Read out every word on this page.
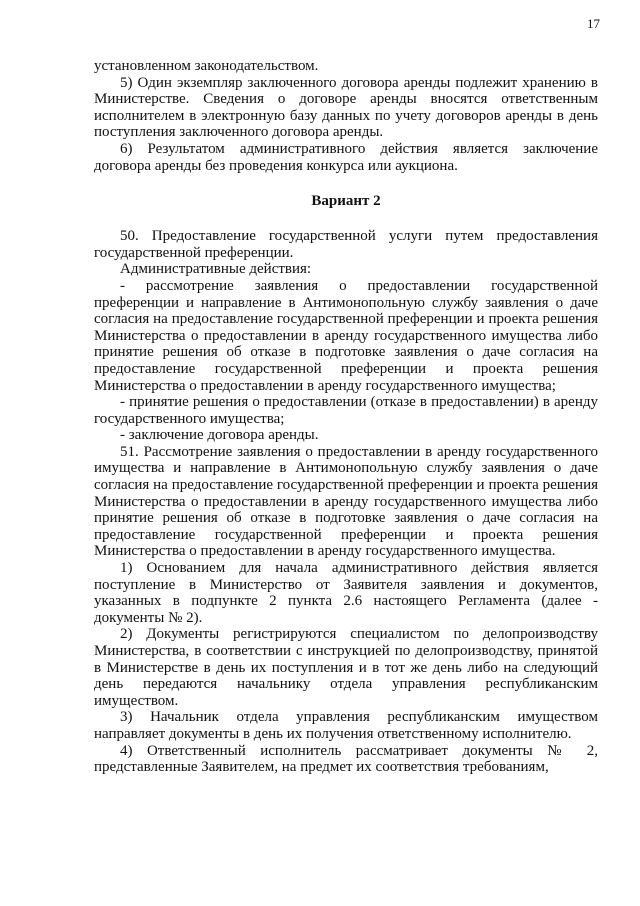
17

установленном законодательством.

5) Один экземпляр заключенного договора аренды подлежит хранению в Министерстве. Сведения о договоре аренды вносятся ответственным исполнителем в электронную базу данных по учету договоров аренды в день поступления заключенного договора аренды.

6) Результатом административного действия является заключение договора аренды без проведения конкурса или аукциона.

Вариант 2

50. Предоставление государственной услуги путем предоставления государственной преференции.

Административные действия:

- рассмотрение заявления о предоставлении государственной преференции и направление в Антимонопольную службу заявления о даче согласия на предоставление государственной преференции и проекта решения Министерства о предоставлении в аренду государственного имущества либо принятие решения об отказе в подготовке заявления о даче согласия на предоставление государственной преференции и проекта решения Министерства о предоставлении в аренду государственного имущества;

- принятие решения о предоставлении (отказе в предоставлении) в аренду государственного имущества;

- заключение договора аренды.

51. Рассмотрение заявления о предоставлении в аренду государственного имущества и направление в Антимонопольную службу заявления о даче согласия на предоставление государственной преференции и проекта решения Министерства о предоставлении в аренду государственного имущества либо принятие решения об отказе в подготовке заявления о даче согласия на предоставление государственной преференции и проекта решения Министерства о предоставлении в аренду государственного имущества.

1) Основанием для начала административного действия является поступление в Министерство от Заявителя заявления и документов, указанных в подпункте 2 пункта 2.6 настоящего Регламента (далее - документы № 2).

2) Документы регистрируются специалистом по делопроизводству Министерства, в соответствии с инструкцией по делопроизводству, принятой в Министерстве в день их поступления и в тот же день либо на следующий день передаются начальнику отдела управления республиканским имуществом.

3) Начальник отдела управления республиканским имуществом направляет документы в день их получения ответственному исполнителю.

4) Ответственный исполнитель рассматривает документы № 2, представленные Заявителем, на предмет их соответствия требованиям,
